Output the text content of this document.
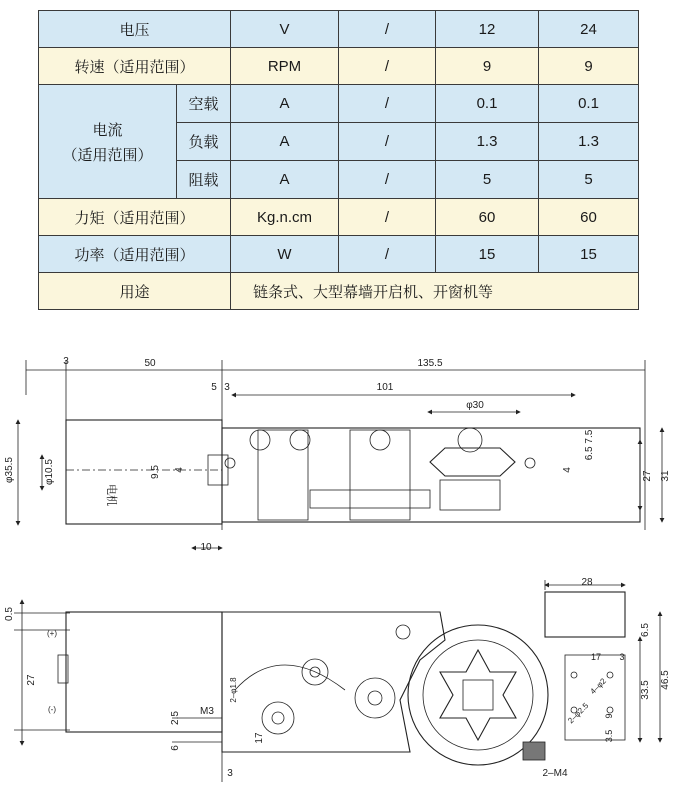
电压		V	/	12	24
转速（适用范围）		RPM	/	9	9

电流
（适用范围）	空载	A	/	0.1	0.1
	负载	A	/	1.3	1.3
	阻载	A	/	5	5
力矩（适用范围）		Kg.n.cm	/	60	60
功率（适用范围）		W	/	15	15
用途		链条式、大型幕墙开启机、开窗机等			
3	50	135.5
5 3	101
φ30
φ35.5	φ10.5	9.5 4
10
6.5 7.5
4
27 31
电机
0.5
27
(+)
(-)
2.5 M3
6
3
2–φ1.8
17
28
6.5
33.5
46.5
17 3
4–φ2
2–φ2.5 9
3.5
2–M4
